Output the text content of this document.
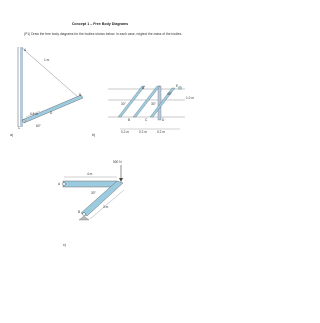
Concept 1 – Free Body Diagrams
(P1) Draw the free body diagrams for the bodies shown below. In each case, neglect the mass of the bodies.
1 m
0.5 m
60°
A
B
C
D
a)
30°	30°
45°
0.2 m	0.2 m	0.2 m
1.0 m
A
B	C	D
E
b)
500 N
4 m
3 m
30°
A
B
c)
